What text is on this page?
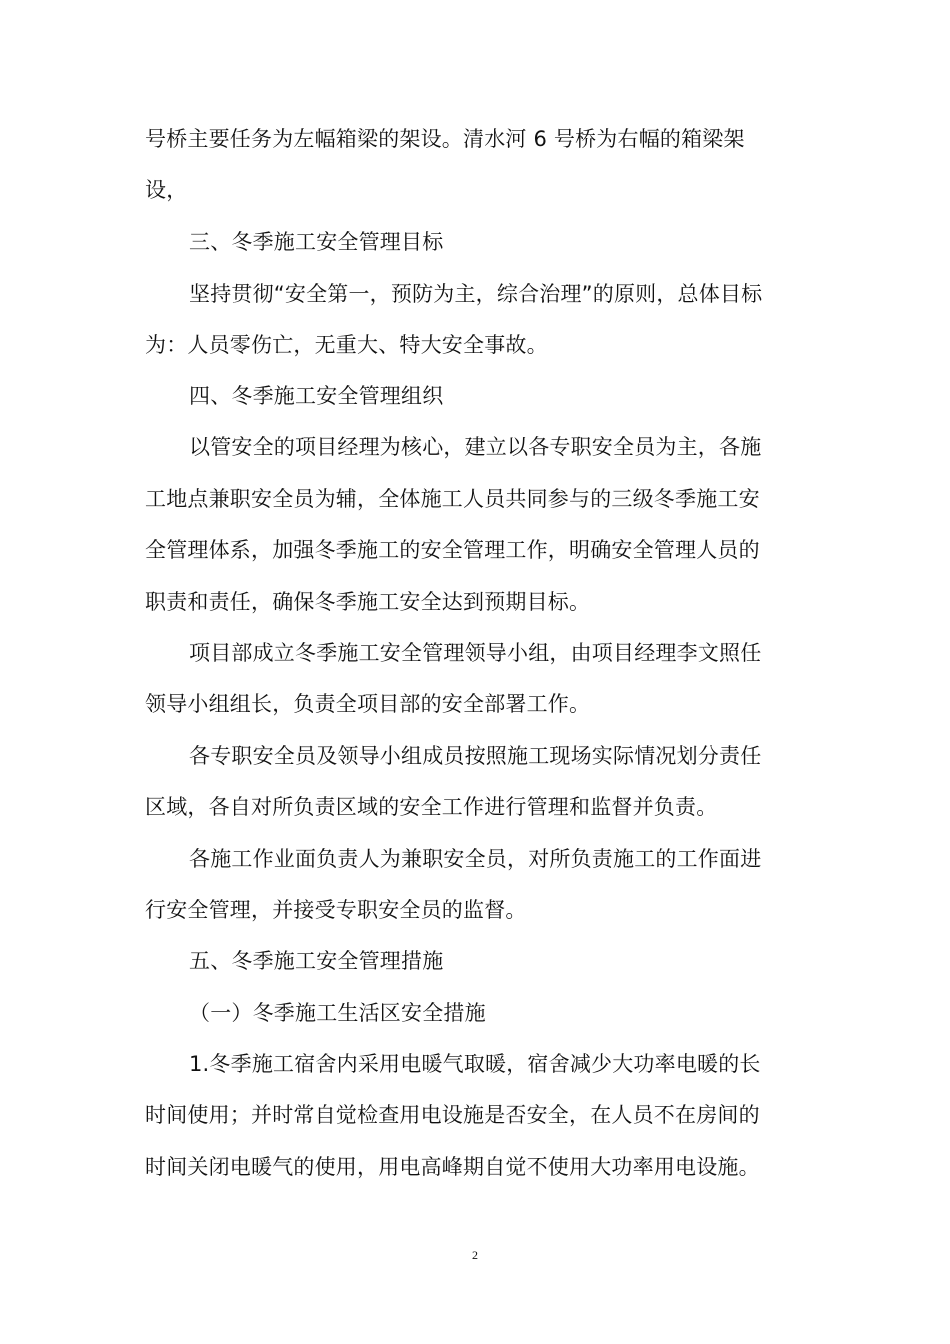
号桥主要任务为左幅箱梁的架设。清水河 6 号桥为右幅的箱梁架
设，
三、冬季施工安全管理目标
坚持贯彻“安全第一，预防为主，综合治理”的原则，总体目标
为：人员零伤亡，无重大、特大安全事故。
四、冬季施工安全管理组织
以管安全的项目经理为核心，建立以各专职安全员为主，各施
工地点兼职安全员为辅，全体施工人员共同参与的三级冬季施工安
全管理体系，加强冬季施工的安全管理工作，明确安全管理人员的
职责和责任，确保冬季施工安全达到预期目标。
项目部成立冬季施工安全管理领导小组，由项目经理李文照任
领导小组组长，负责全项目部的安全部署工作。
各专职安全员及领导小组成员按照施工现场实际情况划分责任
区域，各自对所负责区域的安全工作进行管理和监督并负责。
各施工作业面负责人为兼职安全员，对所负责施工的工作面进
行安全管理，并接受专职安全员的监督。
五、冬季施工安全管理措施
（一）冬季施工生活区安全措施
1.冬季施工宿舍内采用电暖气取暖，宿舍减少大功率电暖的长
时间使用；并时常自觉检查用电设施是否安全，在人员不在房间的
时间关闭电暖气的使用，用电高峰期自觉不使用大功率用电设施。
2
